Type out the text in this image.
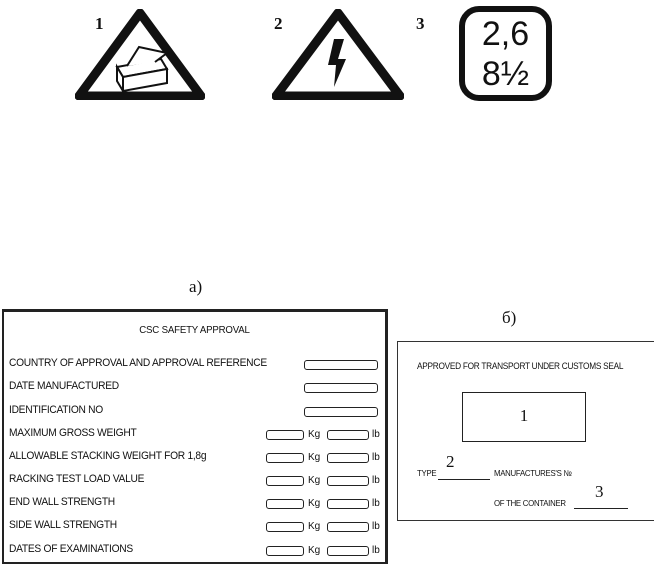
1	2	3	2,6
8½
а)
б)
CSC SAFETY APPROVAL
COUNTRY OF APPROVAL AND APPROVAL REFERENCE
DATE MANUFACTURED
IDENTIFICATION NO
MAXIMUM GROSS WEIGHT	Kg	lb
ALLOWABLE STACKING WEIGHT FOR 1,8g	Kg	lb
RACKING TEST LOAD VALUE	Kg	lb
END WALL STRENGTH	Kg	lb
SIDE WALL STRENGTH	Kg	lb
DATES OF EXAMINATIONS	Kg	lb
APPROVED FOR TRANSPORT UNDER CUSTOMS SEAL
1
TYPE
2
MANUFACTURES'S №
OF THE CONTAINER
3
